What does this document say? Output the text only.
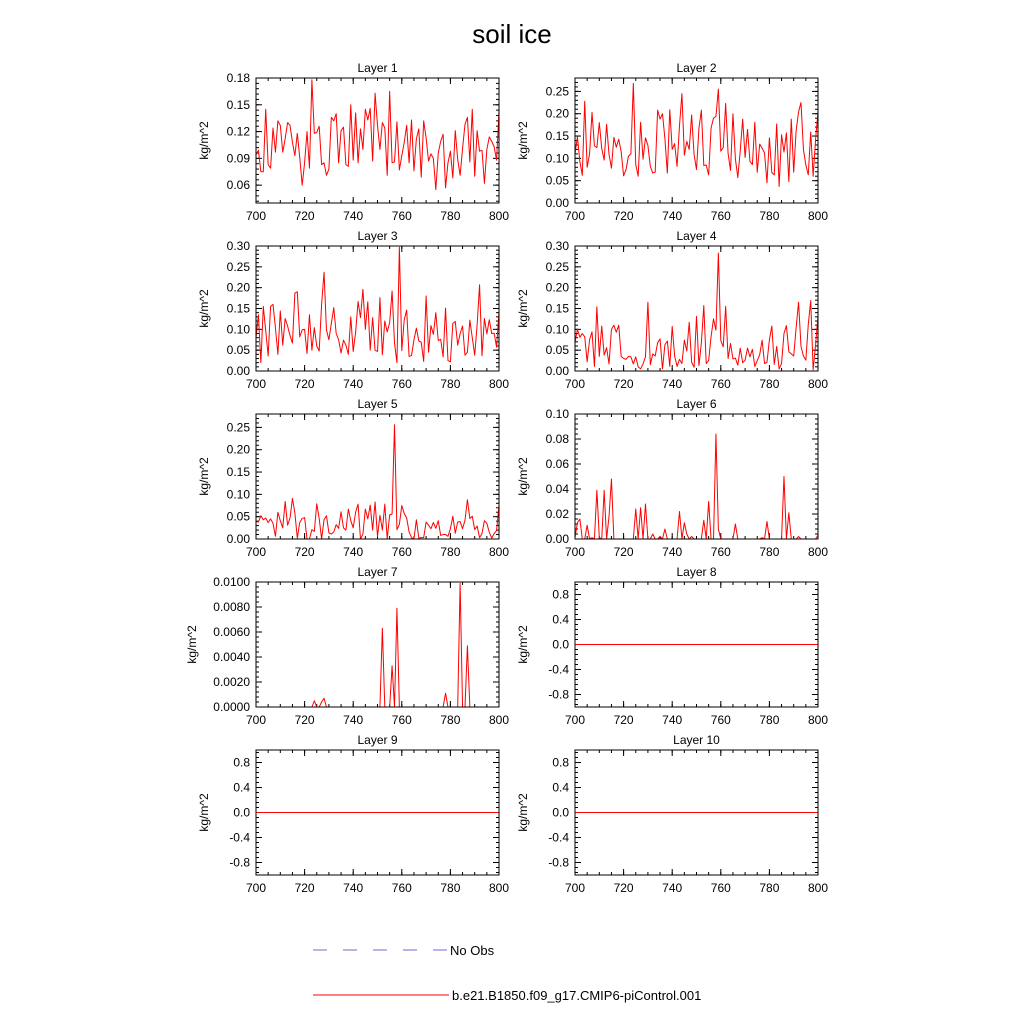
soil ice
Layer 1
kg/m^2
700 720 740 760 780 800
0.06
0.09
0.12
0.15
0.18
Layer 2
kg/m^2
700 720 740 760 780 800
0.00
0.05
0.10
0.15
0.20
0.25
Layer 3
kg/m^2
700 720 740 760 780 800
0.00
0.05
0.10
0.15
0.20
0.25
0.30
Layer 4
kg/m^2
700 720 740 760 780 800
0.00
0.05
0.10
0.15
0.20
0.25
0.30
Layer 5
kg/m^2
700 720 740 760 780 800
0.00
0.05
0.10
0.15
0.20
0.25
Layer 6
kg/m^2
700 720 740 760 780 800
0.00
0.02
0.04
0.06
0.08
0.10
Layer 7
kg/m^2
700 720 740 760 780 800
0.0000
0.0020
0.0040
0.0060
0.0080
0.0100
Layer 8
kg/m^2
700 720 740 760 780 800
-0.8
-0.4
0.0
0.4
0.8
Layer 9
kg/m^2
700 720 740 760 780 800
-0.8
-0.4
0.0
0.4
0.8
Layer 10
kg/m^2
700 720 740 760 780 800
-0.8
-0.4
0.0
0.4
0.8
No Obs
b.e21.B1850.f09_g17.CMIP6-piControl.001
